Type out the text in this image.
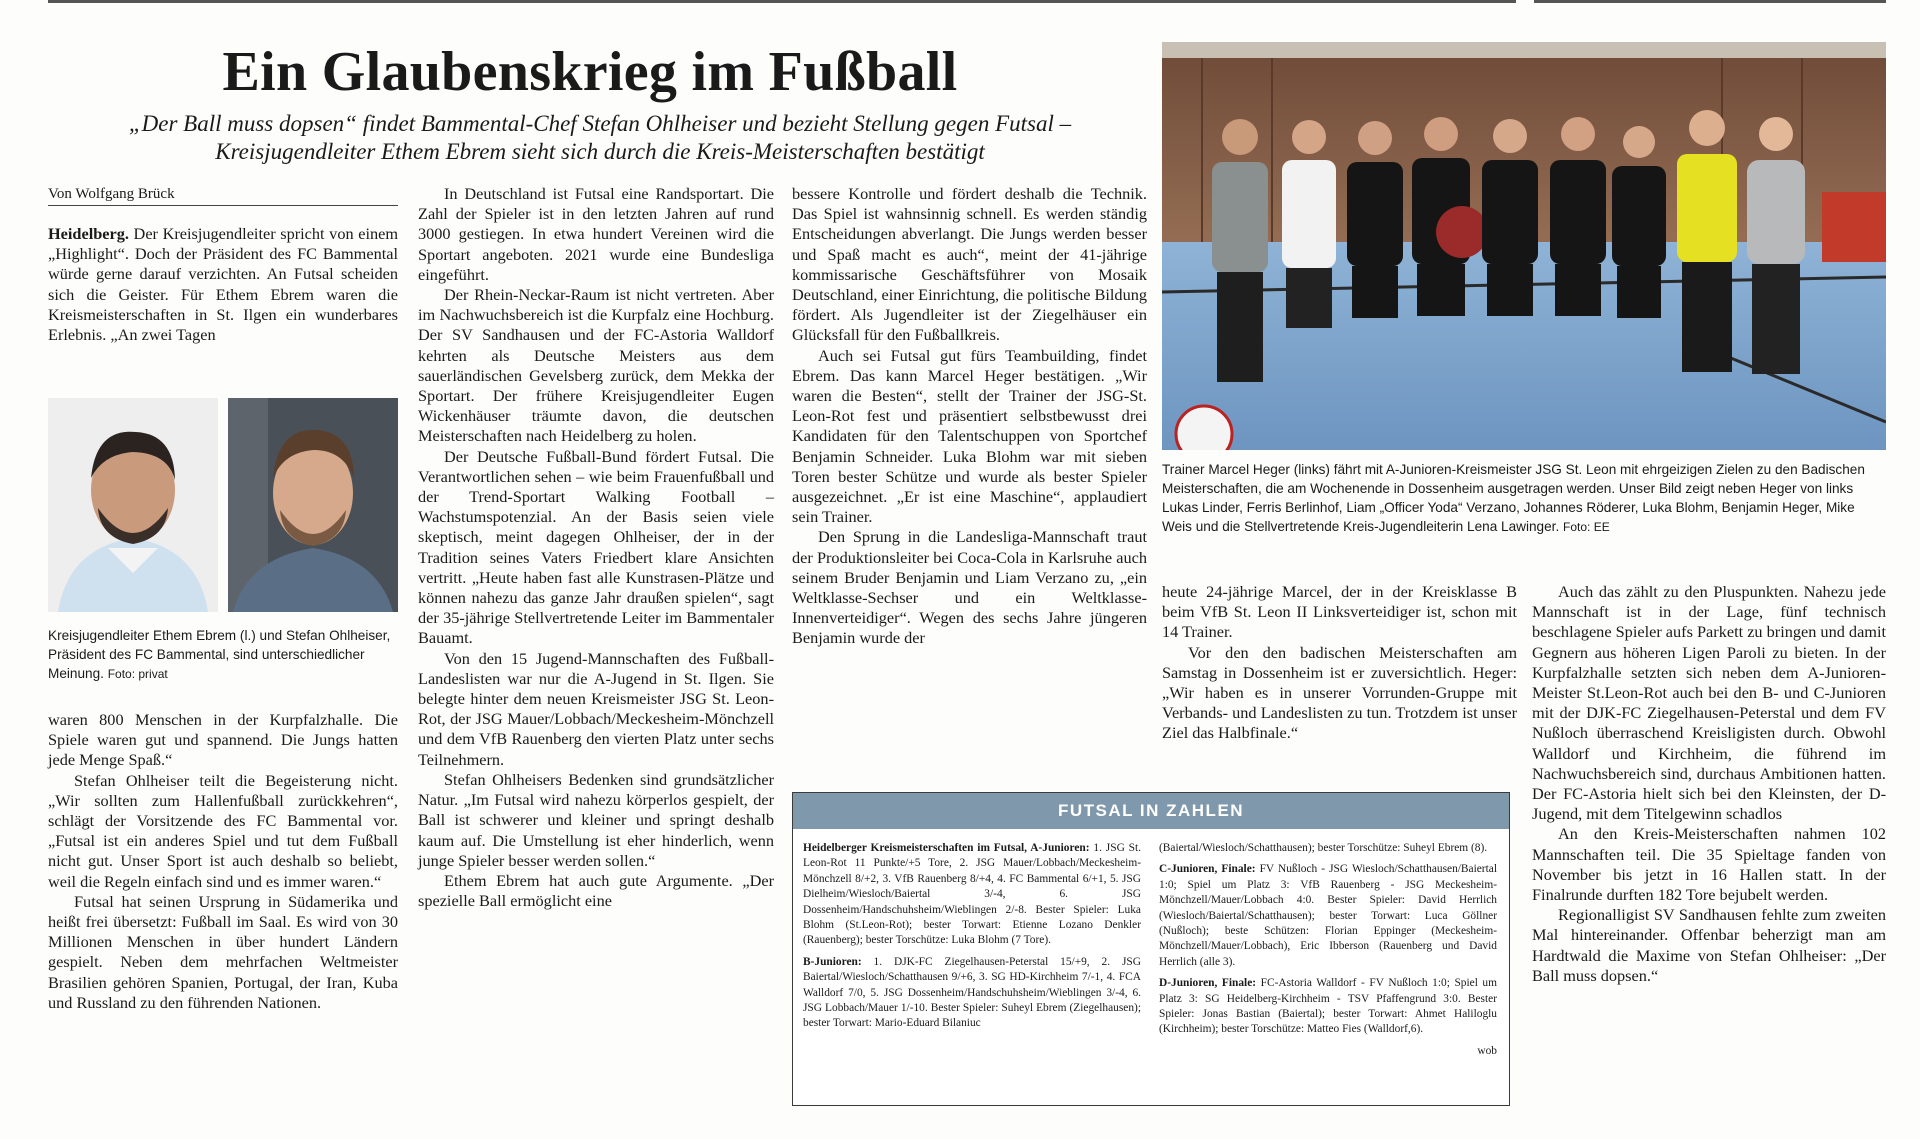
Ein Glaubenskrieg im Fußball
„Der Ball muss dopsen“ findet Bammental-Chef Stefan Ohlheiser und bezieht Stellung gegen Futsal – Kreisjugendleiter Ethem Ebrem sieht sich durch die Kreis-Meisterschaften bestätigt
Von Wolfgang Brück

Heidelberg. Der Kreisjugendleiter spricht von einem „Highlight“. Doch der Präsident des FC Bammental würde gerne darauf verzichten. An Futsal scheiden sich die Geister. Für Ethem Ebrem waren die Kreismeisterschaften in St. Ilgen ein wunderbares Erlebnis. „An zwei Tagen

Kreisjugendleiter Ethem Ebrem (l.) und Stefan Ohlheiser, Präsident des FC Bammental, sind unterschiedlicher Meinung. Foto: privat

waren 800 Menschen in der Kurpfalzhalle. Die Spiele waren gut und spannend. Die Jungs hatten jede Menge Spaß.“

Stefan Ohlheiser teilt die Begeisterung nicht. „Wir sollten zum Hallenfußball zurückkehren“, schlägt der Vorsitzende des FC Bammental vor. „Futsal ist ein anderes Spiel und tut dem Fußball nicht gut. Unser Sport ist auch deshalb so beliebt, weil die Regeln einfach sind und es immer waren.“

Futsal hat seinen Ursprung in Südamerika und heißt frei übersetzt: Fußball im Saal. Es wird von 30 Millionen Menschen in über hundert Ländern gespielt. Neben dem mehrfachen Weltmeister Brasilien gehören Spanien, Portugal, der Iran, Kuba und Russland zu den führenden Nationen.

In Deutschland ist Futsal eine Randsportart. Die Zahl der Spieler ist in den letzten Jahren auf rund 3000 gestiegen. In etwa hundert Vereinen wird die Sportart angeboten. 2021 wurde eine Bundesliga eingeführt.

Der Rhein-Neckar-Raum ist nicht vertreten. Aber im Nachwuchsbereich ist die Kurpfalz eine Hochburg. Der SV Sandhausen und der FC-Astoria Walldorf kehrten als Deutsche Meisters aus dem sauerländischen Gevelsberg zurück, dem Mekka der Sportart. Der frühere Kreisjugendleiter Eugen Wickenhäuser träumte davon, die deutschen Meisterschaften nach Heidelberg zu holen.

Der Deutsche Fußball-Bund fördert Futsal. Die Verantwortlichen sehen – wie beim Frauenfußball und der Trend-Sportart Walking Football – Wachstumspotenzial. An der Basis seien viele skeptisch, meint dagegen Ohlheiser, der in der Tradition seines Vaters Friedbert klare Ansichten vertritt. „Heute haben fast alle Kunstrasen-Plätze und können nahezu das ganze Jahr draußen spielen“, sagt der 35-jährige Stellvertretende Leiter im Bammentaler Bauamt.

Von den 15 Jugend-Mannschaften des Fußball-Landeslisten war nur die A-Jugend in St. Ilgen. Sie belegte hinter dem neuen Kreismeister JSG St. Leon-Rot, der JSG Mauer/Lobbach/Meckesheim-Mönchzell und dem VfB Rauenberg den vierten Platz unter sechs Teilnehmern.

Stefan Ohlheisers Bedenken sind grundsätzlicher Natur. „Im Futsal wird nahezu körperlos gespielt, der Ball ist schwerer und kleiner und springt deshalb kaum auf. Die Umstellung ist eher hinderlich, wenn junge Spieler besser werden sollen.“

Ethem Ebrem hat auch gute Argumente. „Der spezielle Ball ermöglicht eine

bessere Kontrolle und fördert deshalb die Technik. Das Spiel ist wahnsinnig schnell. Es werden ständig Entscheidungen abverlangt. Die Jungs werden besser und Spaß macht es auch“, meint der 41-jährige kommissarische Geschäftsführer von Mosaik Deutschland, einer Einrichtung, die politische Bildung fördert. Als Jugendleiter ist der Ziegelhäuser ein Glücksfall für den Fußballkreis.

Auch sei Futsal gut fürs Teambuilding, findet Ebrem. Das kann Marcel Heger bestätigen. „Wir waren die Besten“, stellt der Trainer der JSG-St. Leon-Rot fest und präsentiert selbstbewusst drei Kandidaten für den Talentschuppen von Sportchef Benjamin Schneider. Luka Blohm war mit sieben Toren bester Schütze und wurde als bester Spieler ausgezeichnet. „Er ist eine Maschine“, applaudiert sein Trainer.

Den Sprung in die Landesliga-Mannschaft traut der Produktionsleiter bei Coca-Cola in Karlsruhe auch seinem Bruder Benjamin und Liam Verzano zu, „ein Weltklasse-Sechser und ein Weltklasse-Innenverteidiger“. Wegen des sechs Jahre jüngeren Benjamin wurde der

Trainer Marcel Heger (links) fährt mit A-Junioren-Kreismeister JSG St. Leon mit ehrgeizigen Zielen zu den Badischen Meisterschaften, die am Wochenende in Dossenheim ausgetragen werden. Unser Bild zeigt neben Heger von links Lukas Linder, Ferris Berlinhof, Liam „Officer Yoda“ Verzano, Johannes Röderer, Luka Blohm, Benjamin Heger, Mike Weis und die Stellvertretende Kreis-Jugendleiterin Lena Lawinger. Foto: EE

heute 24-jährige Marcel, der in der Kreisklasse B beim VfB St. Leon II Linksverteidiger ist, schon mit 14 Trainer.

Vor den den badischen Meisterschaften am Samstag in Dossenheim ist er zuversichtlich. Heger: „Wir haben es in unserer Vorrunden-Gruppe mit Verbands- und Landeslisten zu tun. Trotzdem ist unser Ziel das Halbfinale.“

Auch das zählt zu den Pluspunkten. Nahezu jede Mannschaft ist in der Lage, fünf technisch beschlagene Spieler aufs Parkett zu bringen und damit Gegnern aus höheren Ligen Paroli zu bieten. In der Kurpfalzhalle setzten sich neben dem A-Junioren-Meister St.Leon-Rot auch bei den B- und C-Junioren mit der DJK-FC Ziegelhausen-Peterstal und dem FV Nußloch überraschend Kreisligisten durch. Obwohl Walldorf und Kirchheim, die führend im Nachwuchsbereich sind, durchaus Ambitionen hatten. Der FC-Astoria hielt sich bei den Kleinsten, der D-Jugend, mit dem Titelgewinn schadlos

An den Kreis-Meisterschaften nahmen 102 Mannschaften teil. Die 35 Spieltage fanden von November bis jetzt in 16 Hallen statt. In der Finalrunde durften 182 Tore bejubelt werden.

Regionalligist SV Sandhausen fehlte zum zweiten Mal hintereinander. Offenbar beherzigt man am Hardtwald die Maxime von Stefan Ohlheiser: „Der Ball muss dopsen.“

FUTSAL IN ZAHLEN

Heidelberger Kreismeisterschaften im Futsal, A-Junioren: 1. JSG St. Leon-Rot 11 Punkte/+5 Tore, 2. JSG Mauer/Lobbach/Meckesheim-Mönchzell 8/+2, 3. VfB Rauenberg 8/+4, 4. FC Bammental 6/+1, 5. JSG Dielheim/Wiesloch/Baiertal 3/-4, 6. JSG Dossenheim/Handschuhsheim/Wieblingen 2/-8. Bester Spieler: Luka Blohm (St.Leon-Rot); bester Torwart: Etienne Lozano Denkler (Rauenberg); bester Torschütze: Luka Blohm (7 Tore).

B-Junioren: 1. DJK-FC Ziegelhausen-Peterstal 15/+9, 2. JSG Baiertal/Wiesloch/Schatthausen 9/+6, 3. SG HD-Kirchheim 7/-1, 4. FCA Walldorf 7/0, 5. JSG Dossenheim/Handschuhsheim/Wieblingen 3/-4, 6. JSG Lobbach/Mauer 1/-10. Bester Spieler: Suheyl Ebrem (Ziegelhausen); bester Torwart: Mario-Eduard Bilaniuc

(Baiertal/Wiesloch/Schatthausen); bester Torschütze: Suheyl Ebrem (8).

C-Junioren, Finale: FV Nußloch - JSG Wiesloch/Schatthausen/Baiertal 1:0; Spiel um Platz 3: VfB Rauenberg - JSG Meckesheim-Mönchzell/Mauer/Lobbach 4:0. Bester Spieler: David Herrlich (Wiesloch/Baiertal/Schatthausen); bester Torwart: Luca Göllner (Nußloch); beste Schützen: Florian Eppinger (Meckesheim-Mönchzell/Mauer/Lobbach), Eric Ibberson (Rauenberg und David Herrlich (alle 3).

D-Junioren, Finale: FC-Astoria Walldorf - FV Nußloch 1:0; Spiel um Platz 3: SG Heidelberg-Kirchheim - TSV Pfaffengrund 3:0. Bester Spieler: Jonas Bastian (Baiertal); bester Torwart: Ahmet Haliloglu (Kirchheim); bester Torschütze: Matteo Fies (Walldorf,6).

wob
